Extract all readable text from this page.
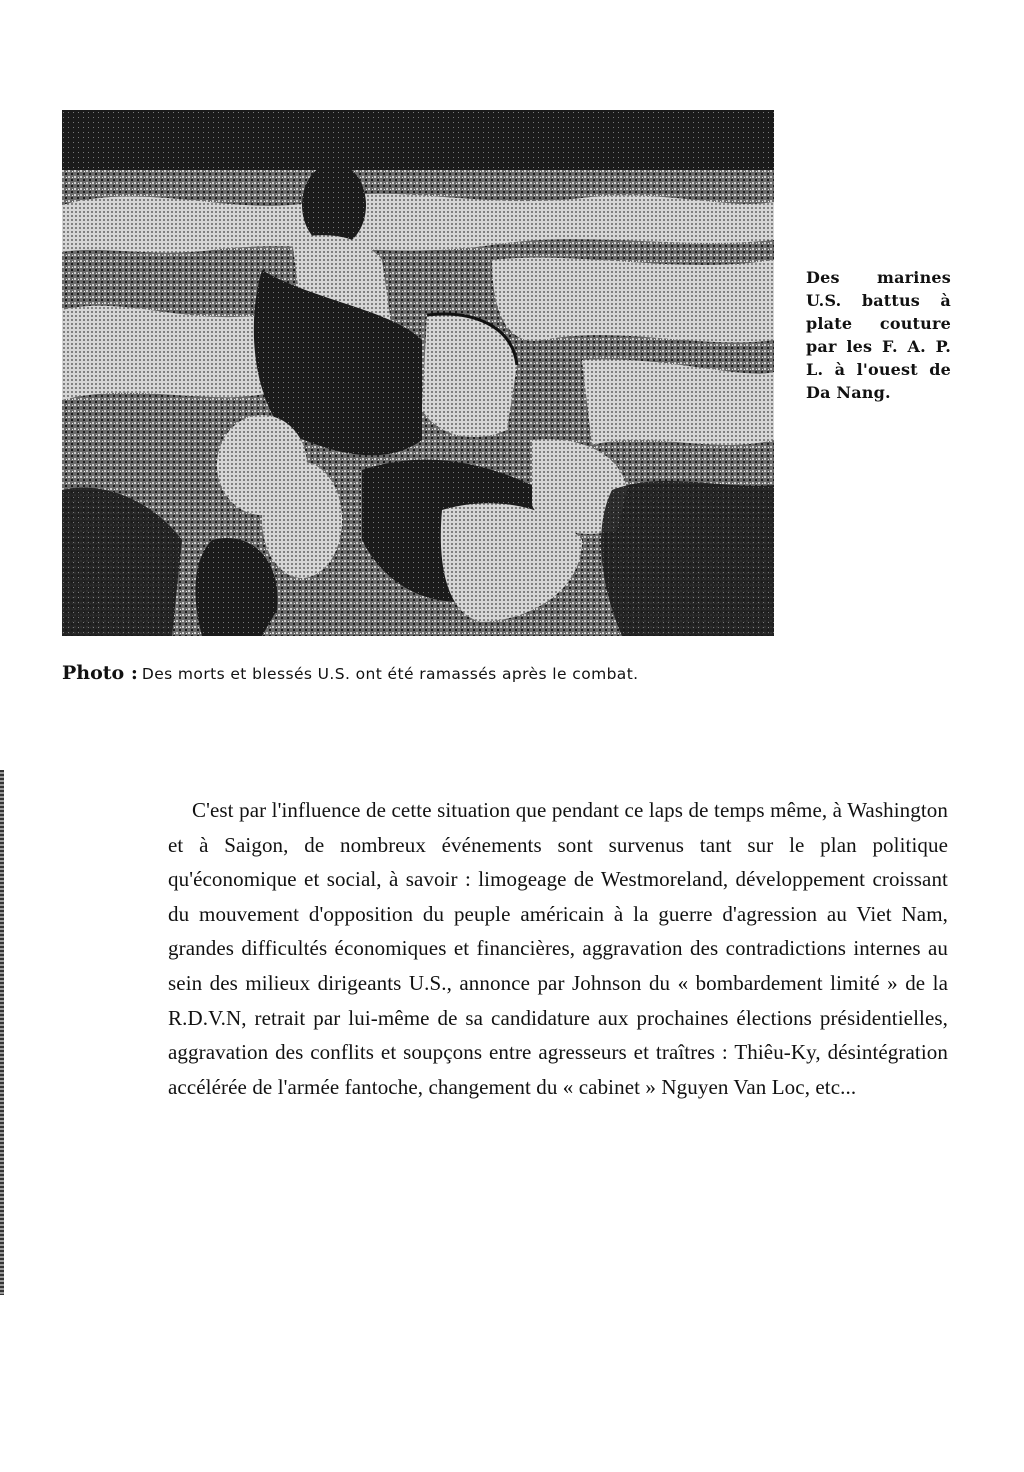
Des marines U.S. battus à plate couture par les F. A. P. L. à l'ouest de Da Nang.
Photo : Des morts et blessés U.S. ont été ramassés après le combat.
C'est par l'influence de cette situation que pendant ce laps de temps même, à Washington et à Saigon, de nombreux événements sont survenus tant sur le plan politique qu'économique et social, à savoir : limogeage de Westmoreland, développement croissant du mouvement d'opposition du peuple américain à la guerre d'agression au Viet Nam, grandes difficultés économiques et financières, aggravation des contradictions internes au sein des milieux dirigeants U.S., annonce par Johnson du « bombardement limité » de la R.D.V.N, retrait par lui-même de sa candidature aux prochaines élections présidentielles, aggravation des conflits et soupçons entre agresseurs et traîtres : Thiêu-Ky, désintégration accélérée de l'armée fantoche, changement du « cabinet » Nguyen Van Loc, etc...
